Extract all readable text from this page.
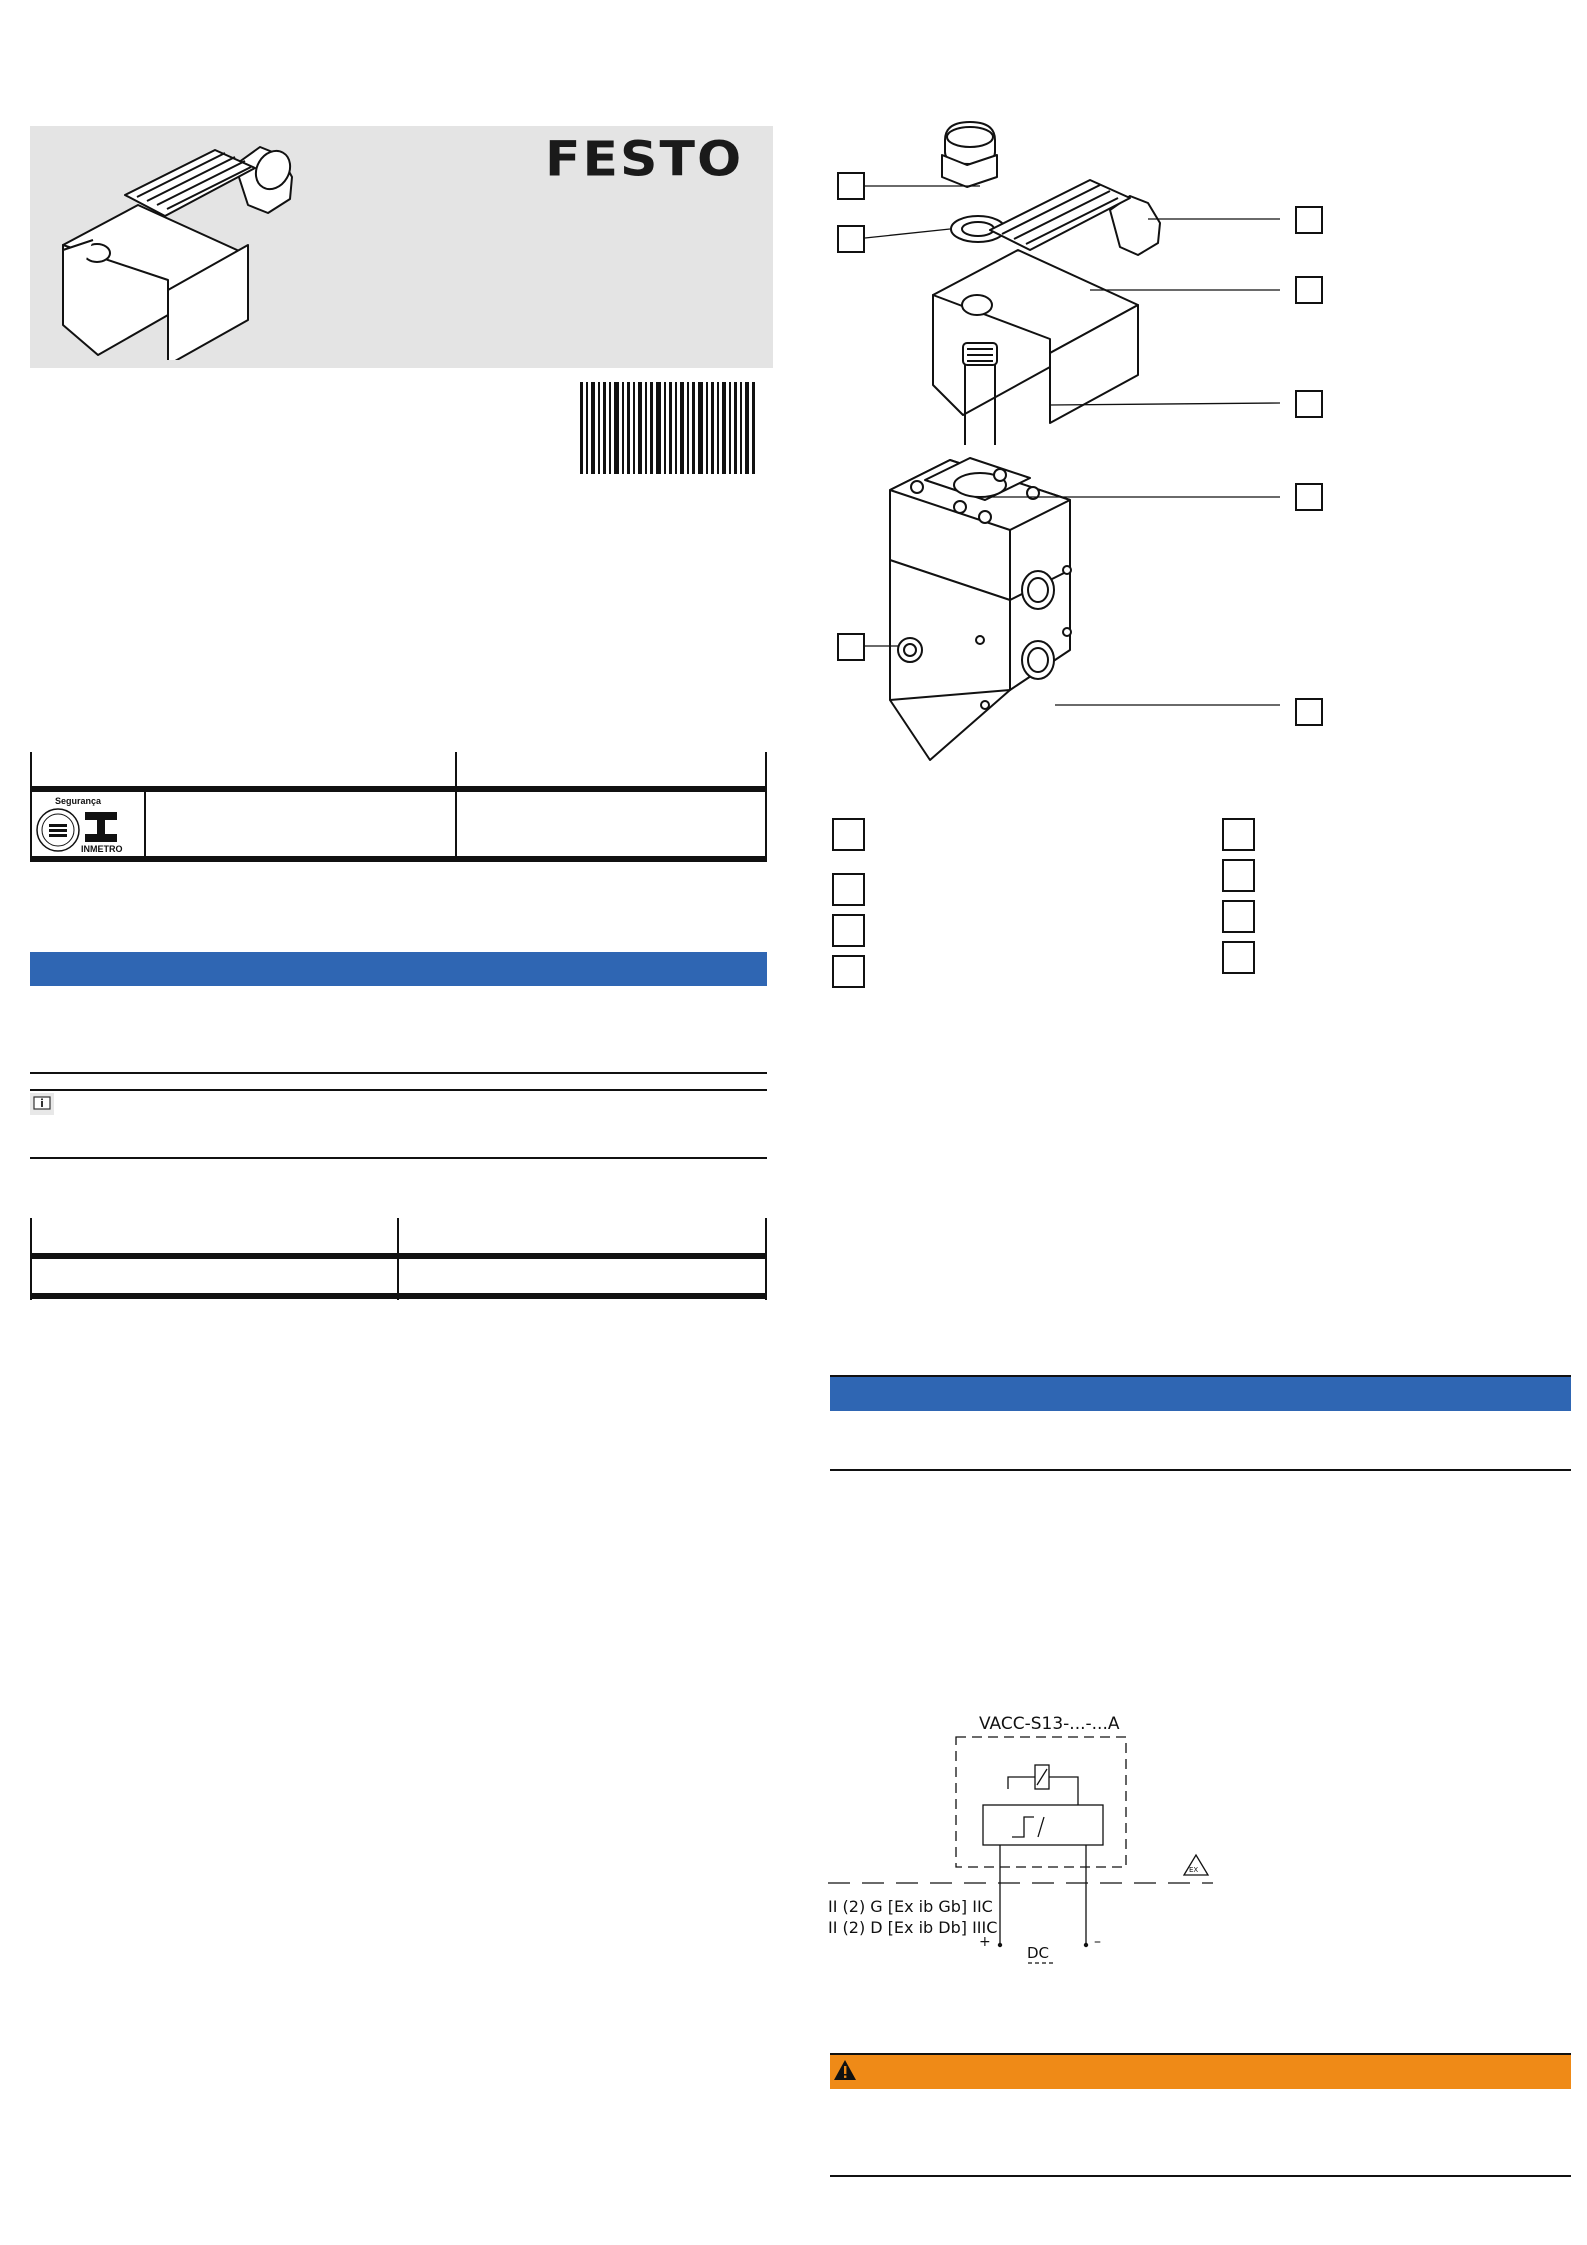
FESTO
Segurança
INMETRO
VACC-S13-...-...A
II (2) G [Ex ib Gb] IIC
II (2) D [Ex ib Db] IIIC
+	–
DC
EX
